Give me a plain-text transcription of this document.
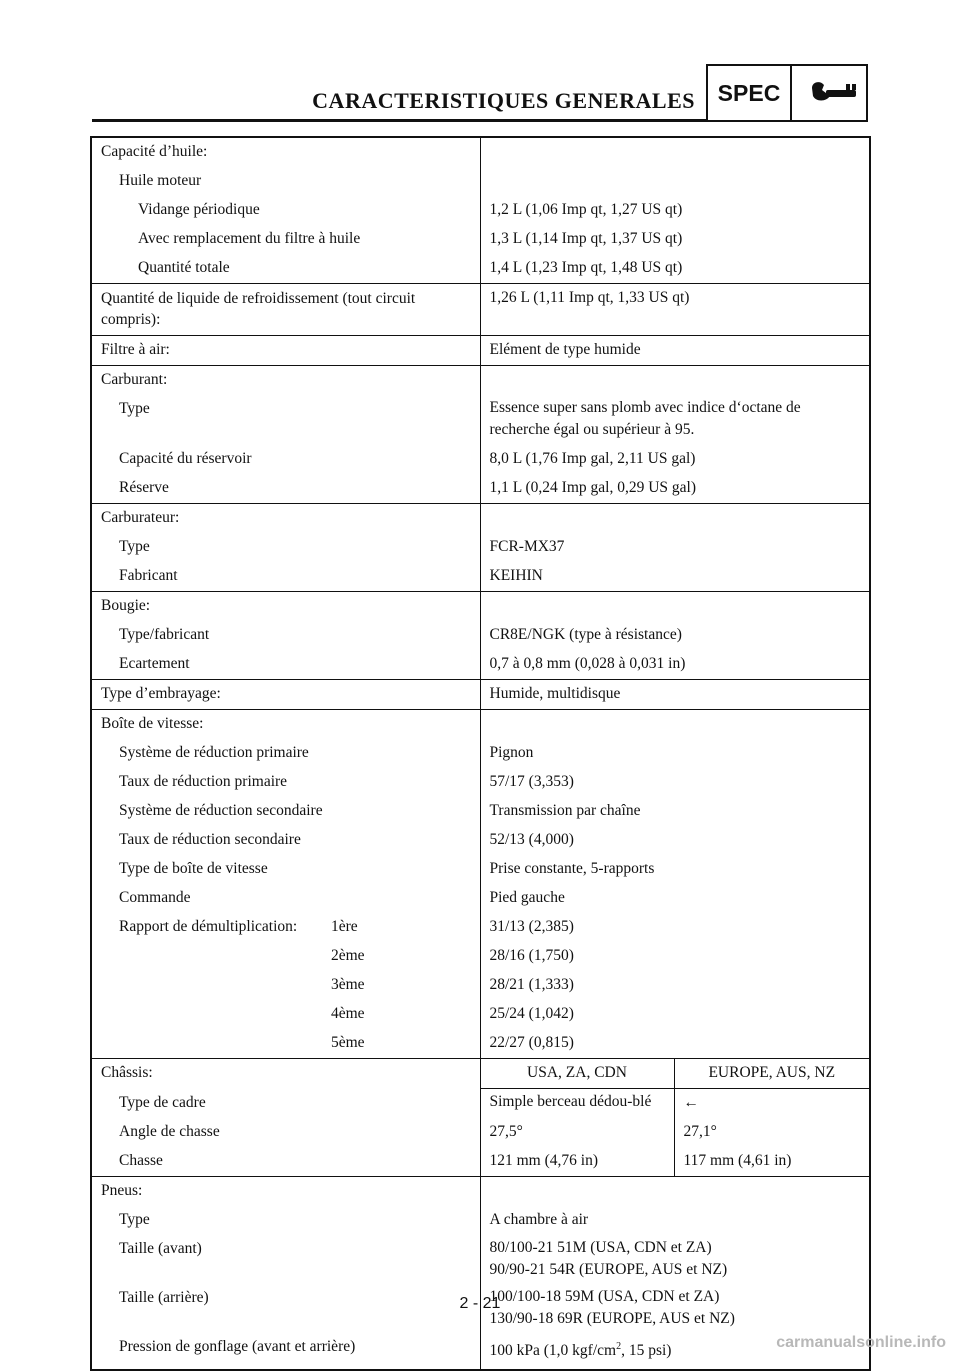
CARACTERISTIQUES GENERALES SPEC
Capacité d’huile:		
Huile moteur		
Vidange périodique	1,2 L (1,06 Imp qt, 1,27 US qt)	
Avec remplacement du filtre à huile	1,3 L (1,14 Imp qt, 1,37 US qt)	
Quantité totale	1,4 L (1,23 Imp qt, 1,48 US qt)	
Quantité de liquide de refroidissement (tout circuit compris):	1,26 L (1,11 Imp qt, 1,33 US qt)	
Filtre à air:	Elément de type humide	
Carburant:		
Type	Essence super sans plomb avec indice d‘octane de recherche égal ou supérieur à 95.	
Capacité du réservoir	8,0 L (1,76 Imp gal, 2,11 US gal)	
Réserve	1,1 L (0,24 Imp gal, 0,29 US gal)	
Carburateur:		
Type	FCR-MX37	
Fabricant	KEIHIN	
Bougie:		
Type/fabricant	CR8E/NGK (type à résistance)	
Ecartement	0,7 à 0,8 mm (0,028 à 0,031 in)	
Type d’embrayage:	Humide, multidisque	
Boîte de vitesse:		
Système de réduction primaire	Pignon	
Taux de réduction primaire	57/17 (3,353)	
Système de réduction secondaire	Transmission par chaîne	
Taux de réduction secondaire	52/13 (4,000)	
Type de boîte de vitesse	Prise constante, 5-rapports	
Commande	Pied gauche	
Rapport de démultiplication: 1ère	31/13 (2,385)	
2ème	28/16 (1,750)	
3ème	28/21 (1,333)	
4ème	25/24 (1,042)	
5ème	22/27 (0,815)	
Châssis:	USA, ZA, CDN	EUROPE, AUS, NZ
Type de cadre	Simple berceau dédou-blé	←
Angle de chasse	27,5°	27,1°
Chasse	121 mm (4,76 in)	117 mm (4,61 in)
Pneus:		
Type	A chambre à air	
Taille (avant)	80/100-21 51M (USA, CDN et ZA)
90/90-21 54R (EUROPE, AUS et NZ)	

Taille (arrière)	100/100-18 59M (USA, CDN et ZA)
130/90-18 69R (EUROPE, AUS et NZ)	

Pression de gonflage (avant et arrière)	100 kPa (1,0 kgf/$cm^2$, 15 psi)	
2 - 21
carmanualsonline.info
